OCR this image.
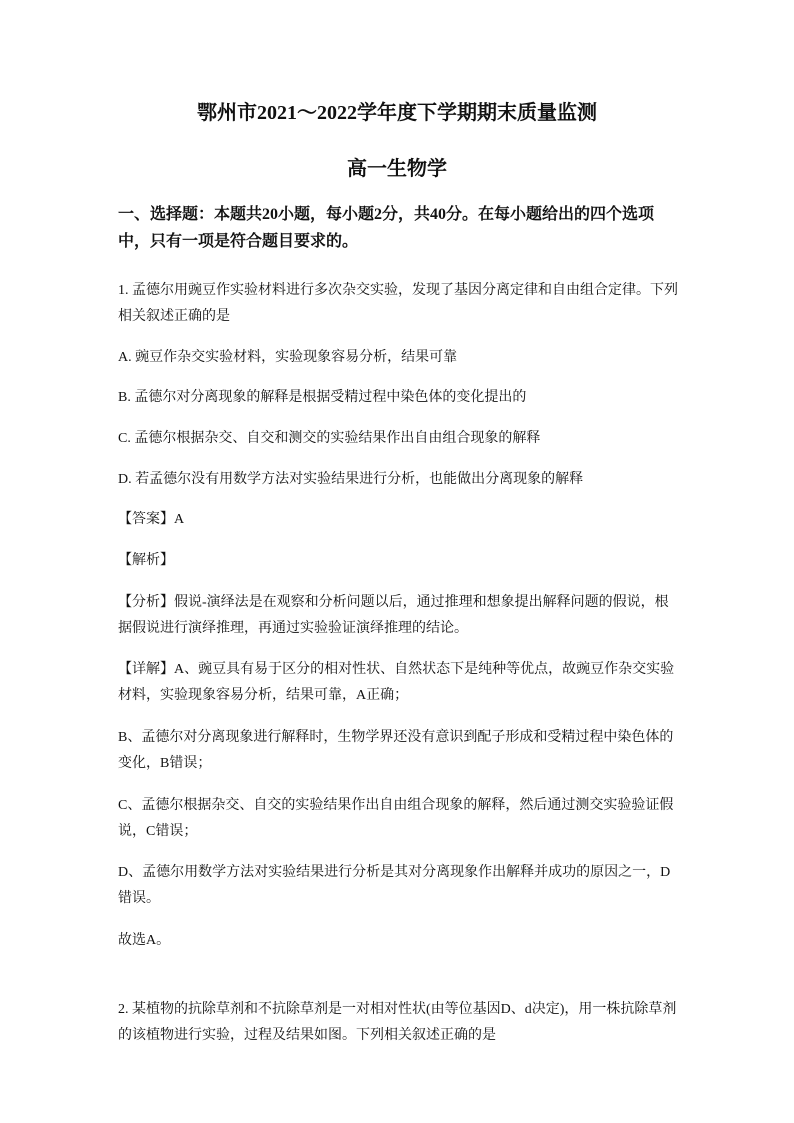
鄂州市2021～2022学年度下学期期末质量监测
高一生物学

一、选择题：本题共20小题，每小题2分，共40分。在每小题给出的四个选项中，只有一项是符合题目要求的。

1. 孟德尔用豌豆作实验材料进行多次杂交实验，发现了基因分离定律和自由组合定律。下列相关叙述正确的是

A. 豌豆作杂交实验材料，实验现象容易分析，结果可靠

B. 孟德尔对分离现象的解释是根据受精过程中染色体的变化提出的

C. 孟德尔根据杂交、自交和测交的实验结果作出自由组合现象的解释

D. 若孟德尔没有用数学方法对实验结果进行分析，也能做出分离现象的解释

【答案】A

【解析】

【分析】假说-演绎法是在观察和分析问题以后，通过推理和想象提出解释问题的假说，根据假说进行演绎推理，再通过实验验证演绎推理的结论。

【详解】A、豌豆具有易于区分的相对性状、自然状态下是纯种等优点，故豌豆作杂交实验材料，实验现象容易分析，结果可靠，A正确；

B、孟德尔对分离现象进行解释时，生物学界还没有意识到配子形成和受精过程中染色体的变化，B错误；

C、孟德尔根据杂交、自交的实验结果作出自由组合现象的解释，然后通过测交实验验证假说，C错误；

D、孟德尔用数学方法对实验结果进行分析是其对分离现象作出解释并成功的原因之一，D错误。

故选A。

2. 某植物的抗除草剂和不抗除草剂是一对相对性状(由等位基因D、d决定)，用一株抗除草剂的该植物进行实验，过程及结果如图。下列相关叙述正确的是
